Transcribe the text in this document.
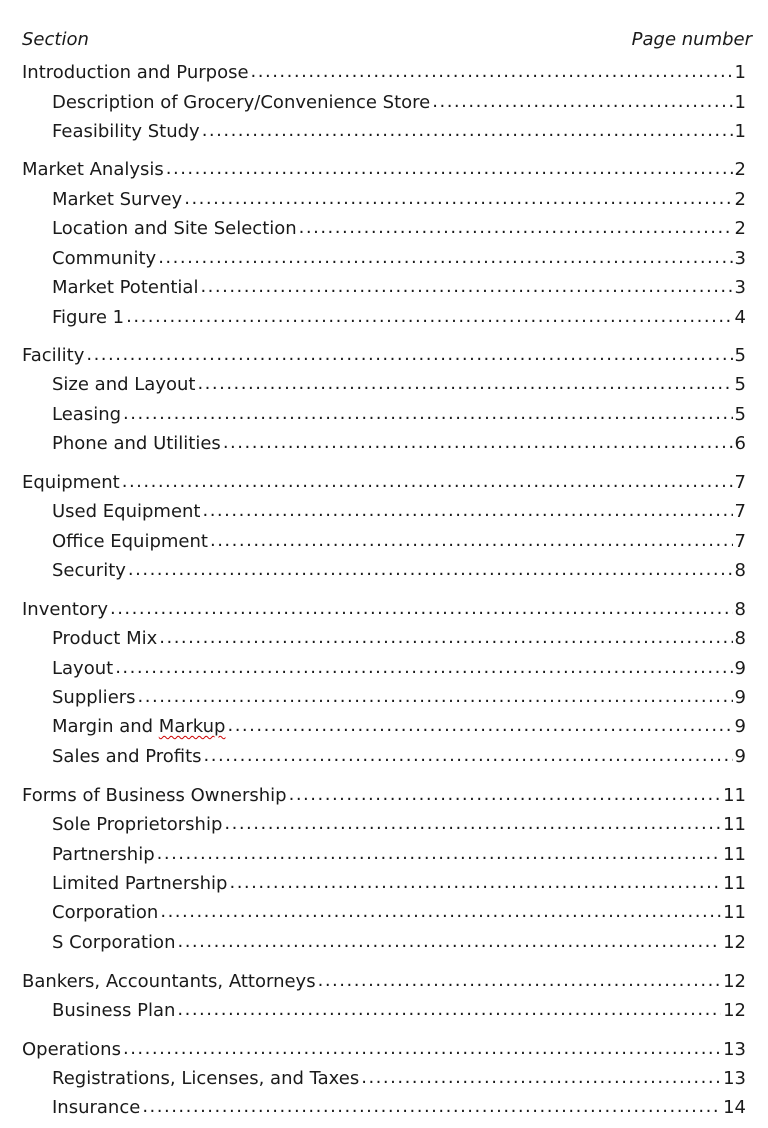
Section	Page number
Introduction and Purpose .....	1
Description of Grocery/Convenience Store .....	1
Feasibility Study .....	1
Market Analysis .....	2
Market Survey .....	2
Location and Site Selection .....	2
Community .....	3
Market Potential .....	3
Figure 1 .....	4
Facility .....	5
Size and Layout .....	5
Leasing .....	5
Phone and Utilities .....	6
Equipment .....	7
Used Equipment .....	7
Office Equipment .....	7
Security .....	8
Inventory .....	8
Product Mix .....	8
Layout .....	9
Suppliers .....	9
Margin and Markup .....	9
Sales and Profits .....	9
Forms of Business Ownership .....	11
Sole Proprietorship .....	11
Partnership .....	11
Limited Partnership .....	11
Corporation .....	11
S Corporation .....	12
Bankers, Accountants, Attorneys .....	12
Business Plan .....	12
Operations .....	13
Registrations, Licenses, and Taxes .....	13
Insurance .....	14
